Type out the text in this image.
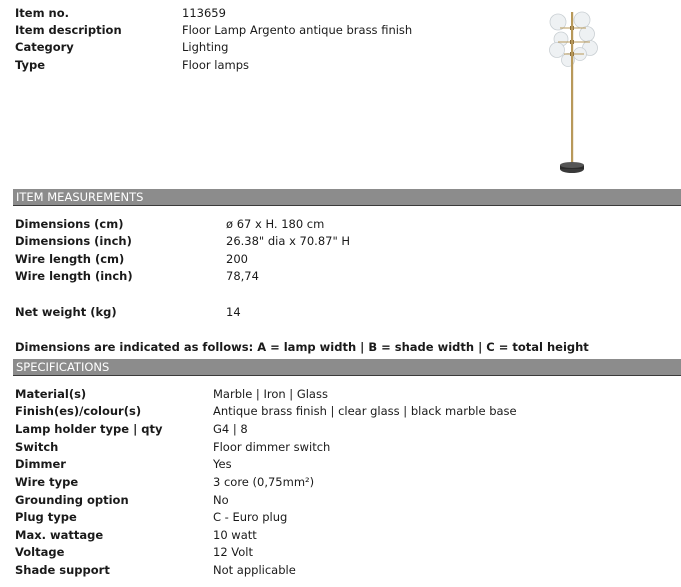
Item no.	113659
Item description	Floor Lamp Argento antique brass finish
Category	Lighting
Type	Floor lamps
ITEM MEASUREMENTS
Dimensions (cm)	ø 67 x H. 180 cm
Dimensions (inch)	26.38" dia x 70.87" H
Wire length (cm)	200
Wire length (inch)	78,74
Net weight (kg)	14
Dimensions are indicated as follows: A = lamp width | B = shade width | C = total height
SPECIFICATIONS
Material(s)	Marble | Iron | Glass
Finish(es)/colour(s)	Antique brass finish | clear glass | black marble base
Lamp holder type | qty	G4 | 8
Switch	Floor dimmer switch
Dimmer	Yes
Wire type	3 core (0,75mm²)
Grounding option	No
Plug type	C - Euro plug
Max. wattage	10 watt
Voltage	12 Volt
Shade support	Not applicable
